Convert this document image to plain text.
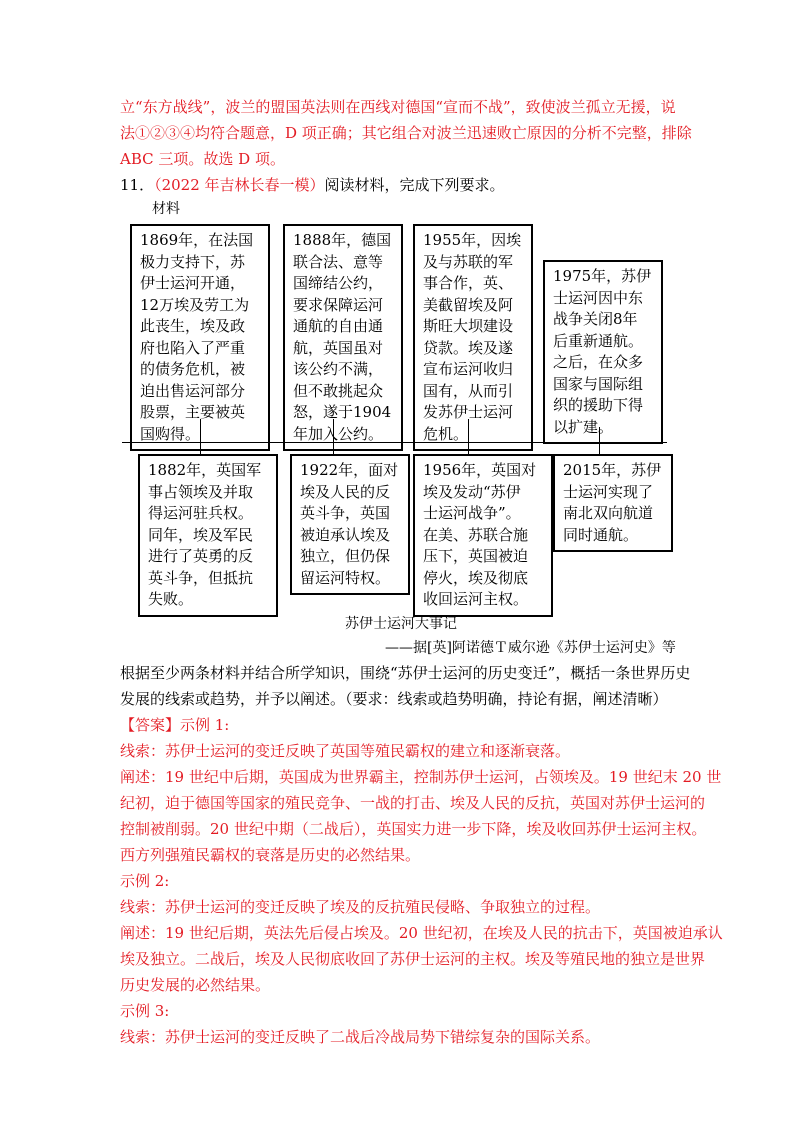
立“东方战线”，波兰的盟国英法则在西线对德国“宣而不战”，致使波兰孤立无援，说
法①②③④均符合题意，D 项正确；其它组合对波兰迅速败亡原因的分析不完整，排除
ABC 三项。故选 D 项。
11．（2022 年吉林长春一模）阅读材料，完成下列要求。
材料
1869年，在法国
极力支持下，苏
伊士运河开通，
12万埃及劳工为
此丧生，埃及政
府也陷入了严重
的债务危机，被
迫出售运河部分
股票，主要被英
国购得。
1888年，德国
联合法、意等
国缔结公约，
要求保障运河
通航的自由通
航，英国虽对
该公约不满，
但不敢挑起众
怒，遂于1904
年加入公约。
1955年，因埃
及与苏联的军
事合作，英、
美截留埃及阿
斯旺大坝建设
贷款。埃及遂
宣布运河收归
国有，从而引
发苏伊士运河
危机。
1975年，苏伊
士运河因中东
战争关闭8年
后重新通航。
之后，在众多
国家与国际组
织的援助下得
以扩建。
1882年，英国军
事占领埃及并取
得运河驻兵权。
同年，埃及军民
进行了英勇的反
英斗争，但抵抗
失败。
1922年，面对
埃及人民的反
英斗争，英国
被迫承认埃及
独立，但仍保
留运河特权。
1956年，英国对
埃及发动“苏伊
士运河战争”。
在美、苏联合施
压下，英国被迫
停火，埃及彻底
收回运河主权。
2015年，苏伊
士运河实现了
南北双向航道
同时通航。
苏伊士运河大事记
——据[英]阿诺德Ｔ威尔逊《苏伊士运河史》等
根据至少两条材料并结合所学知识，围绕“苏伊士运河的历史变迁”，概括一条世界历史
发展的线索或趋势，并予以阐述。（要求：线索或趋势明确，持论有据，阐述清晰）
【答案】示例 1:
线索：苏伊士运河的变迁反映了英国等殖民霸权的建立和逐渐衰落。
阐述：19 世纪中后期，英国成为世界霸主，控制苏伊士运河，占领埃及。19 世纪末 20 世
纪初，迫于德国等国家的殖民竞争、一战的打击、埃及人民的反抗，英国对苏伊士运河的
控制被削弱。20 世纪中期（二战后），英国实力进一步下降，埃及收回苏伊士运河主权。
西方列强殖民霸权的衰落是历史的必然结果。
示例 2:
线索：苏伊士运河的变迁反映了埃及的反抗殖民侵略、争取独立的过程。
阐述：19 世纪后期，英法先后侵占埃及。20 世纪初，在埃及人民的抗击下，英国被迫承认
埃及独立。二战后，埃及人民彻底收回了苏伊士运河的主权。埃及等殖民地的独立是世界
历史发展的必然结果。
示例 3:
线索：苏伊士运河的变迁反映了二战后冷战局势下错综复杂的国际关系。
